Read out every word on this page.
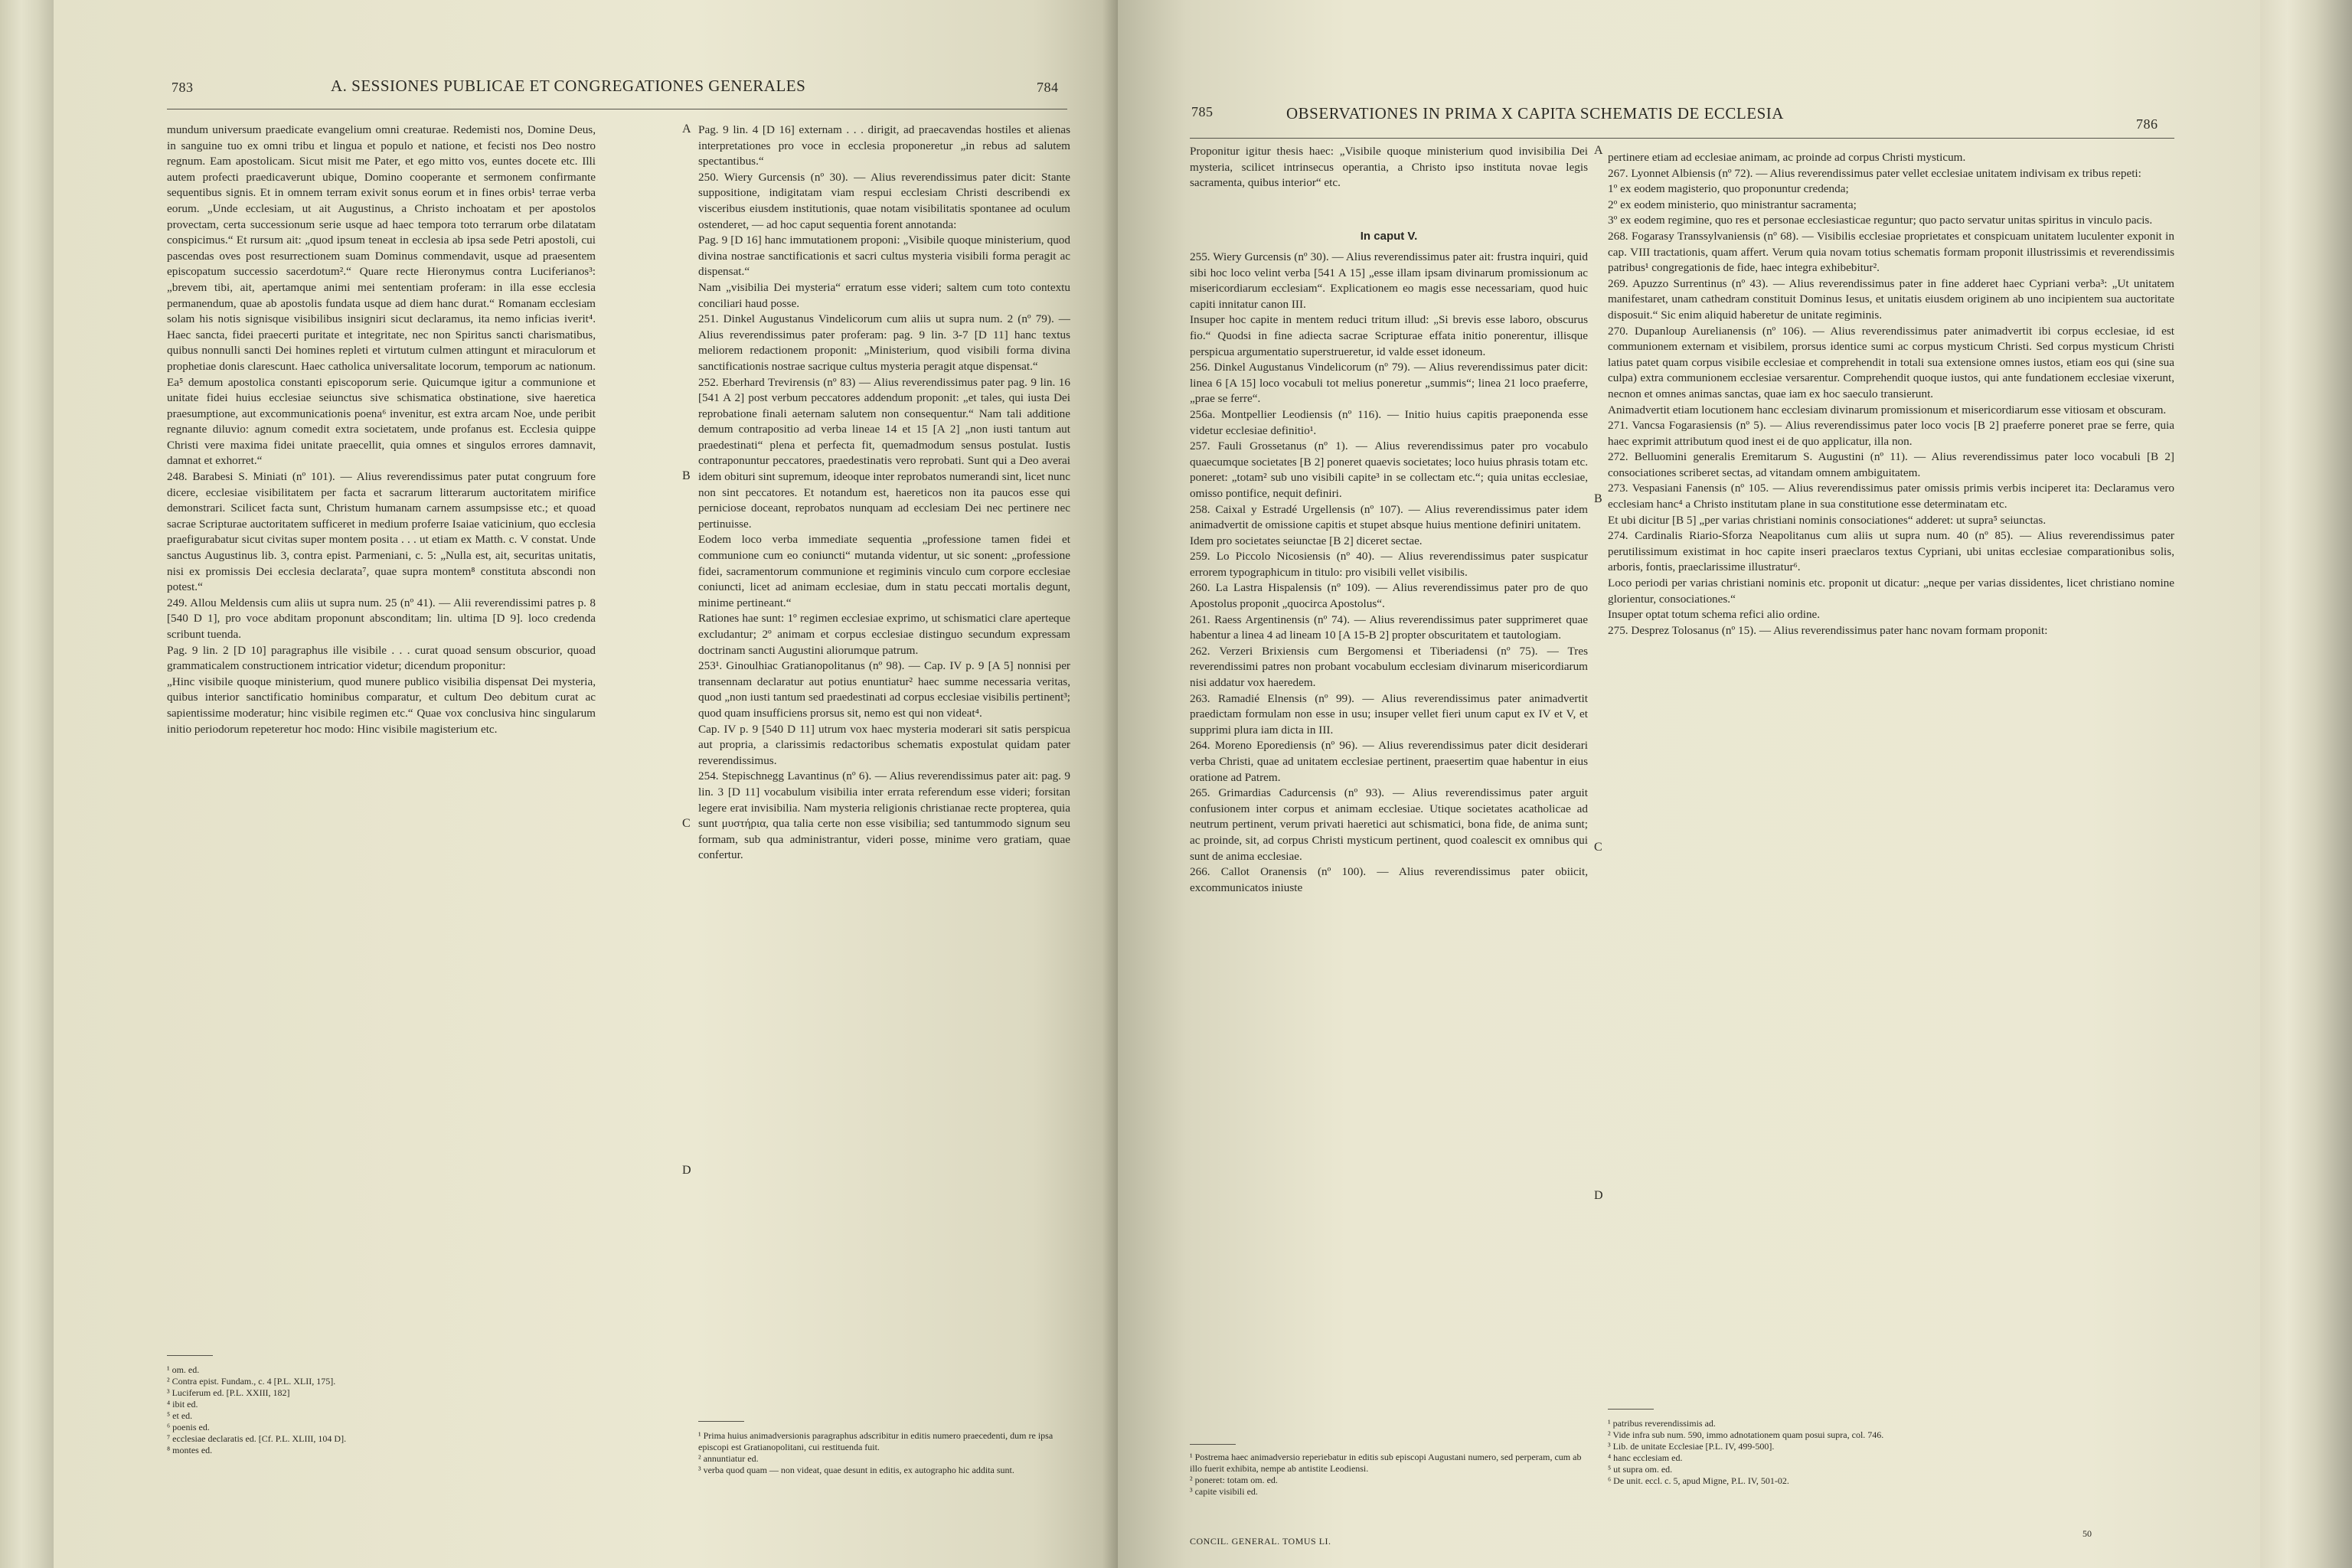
783	A. SESSIONES PUBLICAE ET CONGREGATIONES GENERALES	784
mundum universum praedicate evangelium omni creaturae. Redemisti nos, Domine Deus, in sanguine tuo ex omni tribu et lingua et populo et natione, et fecisti nos Deo nostro regnum. Eam apostolicam. Sicut misit me Pater, et ego mitto vos, euntes docete etc. Illi autem profecti praedicaverunt ubique, Domino cooperante et sermonem confirmante sequentibus signis. Et in omnem terram exivit sonus eorum et in fines orbis¹ terrae verba eorum. „Unde ecclesiam, ut ait Augustinus, a Christo inchoatam et per apostolos provectam, certa successionum serie usque ad haec tempora toto terrarum orbe dilatatam conspicimus.“ Et rursum ait: „quod ipsum teneat in ecclesia ab ipsa sede Petri apostoli, cui pascendas oves post resurrectionem suam Dominus commendavit, usque ad praesentem episcopatum successio sacerdotum².“ Quare recte Hieronymus contra Luciferianos³: „brevem tibi, ait, apertamque animi mei sententiam proferam: in illa esse ecclesia permanendum, quae ab apostolis fundata usque ad diem hanc durat.“ Romanam ecclesiam solam his notis signisque visibilibus insigniri sicut declaramus, ita nemo inficias iverit⁴. Haec sancta, fidei praecerti puritate et integritate, nec non Spiritus sancti charismatibus, quibus nonnulli sancti Dei homines repleti et virtutum culmen attingunt et miraculorum et prophetiae donis clarescunt. Haec catholica universalitate locorum, temporum ac nationum. Ea⁵ demum apostolica constanti episcoporum serie. Quicumque igitur a communione et unitate fidei huius ecclesiae seiunctus sive schismatica obstinatione, sive haeretica praesumptione, aut excommunicationis poena⁶ invenitur, est extra arcam Noe, unde peribit regnante diluvio: agnum comedit extra societatem, unde profanus est. Ecclesia quippe Christi vere maxima fidei unitate praecellit, quia omnes et singulos errores damnavit, damnat et exhorret.“
248. Barabesi S. Miniati (nº 101). — Alius reverendissimus pater putat congruum fore dicere, ecclesiae visibilitatem per facta et sacrarum litterarum auctoritatem mirifice demonstrari. Scilicet facta sunt, Christum humanam carnem assumpsisse etc.; et quoad sacrae Scripturae auctoritatem sufficeret in medium proferre Isaiae vaticinium, quo ecclesia praefigurabatur sicut civitas super montem posita . . . ut etiam ex Matth. c. V constat. Unde sanctus Augustinus lib. 3, contra epist. Parmeniani, c. 5: „Nulla est, ait, securitas unitatis, nisi ex promissis Dei ecclesia declarata⁷, quae supra montem⁸ constituta abscondi non potest.“
249. Allou Meldensis cum aliis ut supra num. 25 (nº 41). — Alii reverendissimi patres p. 8 [540 D 1], pro voce abditam proponunt absconditam; lin. ultima [D 9]. loco credenda scribunt tuenda.
Pag. 9 lin. 2 [D 10] paragraphus ille visibile . . . curat quoad sensum obscurior, quoad grammaticalem constructionem intricatior videtur; dicendum proponitur:
„Hinc visibile quoque ministerium, quod munere publico visibilia dispensat Dei mysteria, quibus interior sanctificatio hominibus comparatur, et cultum Deo debitum curat ac sapientissime moderatur; hinc visibile regimen etc.“ Quae vox conclusiva hinc singularum initio periodorum repeteretur hoc modo: Hinc visibile magisterium etc.
¹ om. ed.
² Contra epist. Fundam., c. 4 [P.L. XLII, 175].
³ Luciferum ed. [P.L. XXIII, 182]
⁴ ibit ed.
⁵ et ed.
⁶ poenis ed.
⁷ ecclesiae declaratis ed. [Cf. P.L. XLIII, 104 D].
⁸ montes ed.
A
B
C
D
Pag. 9 lin. 4 [D 16] externam . . . dirigit, ad praecavendas hostiles et alienas interpretationes pro voce in ecclesia proponeretur „in rebus ad salutem spectantibus.“
250. Wiery Gurcensis (nº 30). — Alius reverendissimus pater dicit: Stante suppositione, indigitatam viam respui ecclesiam Christi describendi ex visceribus eiusdem institutionis, quae notam visibilitatis spontanee ad oculum ostenderet, — ad hoc caput sequentia forent annotanda:
Pag. 9 [D 16] hanc immutationem proponi: „Visibile quoque ministerium, quod divina nostrae sanctificationis et sacri cultus mysteria visibili forma peragit ac dispensat.“
Nam „visibilia Dei mysteria“ erratum esse videri; saltem cum toto contextu conciliari haud posse.
251. Dinkel Augustanus Vindelicorum cum aliis ut supra num. 2 (nº 79). — Alius reverendissimus pater proferam: pag. 9 lin. 3-7 [D 11] hanc textus meliorem redactionem proponit: „Ministerium, quod visibili forma divina sanctificationis nostrae sacrique cultus mysteria peragit atque dispensat.“
252. Eberhard Trevirensis (nº 83) — Alius reverendissimus pater pag. 9 lin. 16 [541 A 2] post verbum peccatores addendum proponit: „et tales, qui iusta Dei reprobatione finali aeternam salutem non consequentur.“ Nam tali additione demum contrapositio ad verba lineae 14 et 15 [A 2] „non iusti tantum aut praedestinati“ plena et perfecta fit, quemadmodum sensus postulat. Iustis contraponuntur peccatores, praedestinatis vero reprobati. Sunt qui a Deo averai idem obituri sint supremum, ideoque inter reprobatos numerandi sint, licet nunc non sint peccatores. Et notandum est, haereticos non ita paucos esse qui perniciose doceant, reprobatos nunquam ad ecclesiam Dei nec pertinere nec pertinuisse.
Eodem loco verba immediate sequentia „professione tamen fidei et communione cum eo coniuncti“ mutanda videntur, ut sic sonent: „professione fidei, sacramentorum communione et regiminis vinculo cum corpore ecclesiae coniuncti, licet ad animam ecclesiae, dum in statu peccati mortalis degunt, minime pertineant.“
Rationes hae sunt: 1º regimen ecclesiae exprimo, ut schismatici clare aperteque excludantur; 2º animam et corpus ecclesiae distinguo secundum expressam doctrinam sancti Augustini aliorumque patrum.
253¹. Ginoulhiac Gratianopolitanus (nº 98). — Cap. IV p. 9 [A 5] nonnisi per transennam declaratur aut potius enuntiatur² haec summe necessaria veritas, quod „non iusti tantum sed praedestinati ad corpus ecclesiae visibilis pertinent³; quod quam insufficiens prorsus sit, nemo est qui non videat⁴.
Cap. IV p. 9 [540 D 11] utrum vox haec mysteria moderari sit satis perspicua aut propria, a clarissimis redactoribus schematis expostulat quidam pater reverendissimus.
254. Stepischnegg Lavantinus (nº 6). — Alius reverendissimus pater ait: pag. 9 lin. 3 [D 11] vocabulum visibilia inter errata referendum esse videri; forsitan legere erat invisibilia. Nam mysteria religionis christianae recte propterea, quia sunt μυστήρια, qua talia certe non esse visibilia; sed tantummodo signum seu formam, sub qua administrantur, videri posse, minime vero gratiam, quae confertur.
¹ Prima huius animadversionis paragraphus adscribitur in editis numero praecedenti, dum re ipsa episcopi est Gratianopolitani, cui restituenda fuit.
² annuntiatur ed.
³ verba quod quam — non videat, quae desunt in editis, ex autographo hic addita sunt.
785	OBSERVATIONES IN PRIMA X CAPITA SCHEMATIS DE ECCLESIA
786
Proponitur igitur thesis haec: „Visibile quoque ministerium quod invisibilia Dei mysteria, scilicet intrinsecus operantia, a Christo ipso instituta novae legis sacramenta, quibus interior“ etc.
In caput V.
255. Wiery Gurcensis (nº 30). — Alius reverendissimus pater ait: frustra inquiri, quid sibi hoc loco velint verba [541 A 15] „esse illam ipsam divinarum promissionum ac misericordiarum ecclesiam“. Explicationem eo magis esse necessariam, quod huic capiti innitatur canon III.
Insuper hoc capite in mentem reduci tritum illud: „Si brevis esse laboro, obscurus fio.“ Quodsi in fine adiecta sacrae Scripturae effata initio ponerentur, illisque perspicua argumentatio superstrueretur, id valde esset idoneum.
256. Dinkel Augustanus Vindelicorum (nº 79). — Alius reverendissimus pater dicit: lineа 6 [A 15] loco vocabuli tot melius poneretur „summis“; linea 21 loco praeferre, „prae se ferre“.
256a. Montpellier Leodiensis (nº 116). — Initio huius capitis praeponenda esse videtur ecclesiae definitio¹.
257. Fauli Grossetanus (nº 1). — Alius reverendissimus pater pro vocabulo quaecumque societates [B 2] poneret quaevis societates; loco huius phrasis totam etc. poneret: „totam² sub uno visibili capite³ in se collectam etc.“; quia unitas ecclesiae, omisso pontifice, nequit definiri.
258. Caixal y Estradé Urgellensis (nº 107). — Alius reverendissimus pater idem animadvertit de omissione capitis et stupet absque huius mentione definiri unitatem.
Idem pro societates seiunctae [B 2] diceret sectae.
259. Lo Piccolo Nicosiensis (nº 40). — Alius reverendissimus pater suspicatur errorem typographicum in titulo: pro visibili vellet visibilis.
260. La Lastra Hispalensis (nº 109). — Alius reverendissimus pater pro de quo Apostolus proponit „quocirca Apostolus“.
261. Raess Argentinensis (nº 74). — Alius reverendissimus pater supprimeret quae habentur a linea 4 ad lineam 10 [A 15-B 2] propter obscuritatem et tautologiam.
262. Verzeri Brixiensis cum Bergomensi et Tiberiadensi (nº 75). — Tres reverendissimi patres non probant vocabulum ecclesiam divinarum misericordiarum nisi addatur vox haeredem.
263. Ramadié Elnensis (nº 99). — Alius reverendissimus pater animadvertit praedictam formulam non esse in usu; insuper vellet fieri unum caput ex IV et V, et supprimi plura iam dicta in III.
264. Moreno Eporediensis (nº 96). — Alius reverendissimus pater dicit desiderari verba Christi, quae ad unitatem ecclesiae pertinent, praesertim quae habentur in eius oratione ad Patrem.
265. Grimardias Cadurcensis (nº 93). — Alius reverendissimus pater arguit confusionem inter corpus et animam ecclesiae. Utique societates acatholicae ad neutrum pertinent, verum privati haeretici aut schismatici, bona fide, de anima sunt; ac proinde, sit, ad corpus Christi mysticum pertinent, quod coalescit ex omnibus qui sunt de anima ecclesiae.
266. Callot Oranensis (nº 100). — Alius reverendissimus pater obiicit, excommunicatos iniuste
¹ Postrema haec animadversio reperiebatur in editis sub episcopi Augustani numero, sed perperam, cum ab illo fuerit exhibita, nempe ab antistite Leodiensi.
² poneret: totam om. ed.
³ capite visibili ed.
CONCIL. GENERAL. TOMUS LI.
A
B
C
D
pertinere etiam ad ecclesiae animam, ac proinde ad corpus Christi mysticum.
267. Lyonnet Albiensis (nº 72). — Alius reverendissimus pater vellet ecclesiae unitatem indivisam ex tribus repeti:
1º ex eodem magisterio, quo proponuntur credenda;
2º ex eodem ministerio, quo ministrantur sacramenta;
3º ex eodem regimine, quo res et personae ecclesiasticae reguntur; quo pacto servatur unitas spiritus in vinculo pacis.
268. Fogarasy Transsylvaniensis (nº 68). — Visibilis ecclesiae proprietates et conspicuam unitatem luculenter exponit in cap. VIII tractationis, quam affert. Verum quia novam totius schematis formam proponit illustrissimis et reverendissimis patribus¹ congregationis de fide, haec integra exhibebitur².
269. Apuzzo Surrentinus (nº 43). — Alius reverendissimus pater in fine adderet haec Cypriani verba³: „Ut unitatem manifestaret, unam cathedram constituit Dominus Iesus, et unitatis eiusdem originem ab uno incipientem sua auctoritate disposuit.“ Sic enim aliquid haberetur de unitate regiminis.
270. Dupanloup Aurelianensis (nº 106). — Alius reverendissimus pater animadvertit ibi corpus ecclesiae, id est communionem externam et visibilem, prorsus identice sumi ac corpus mysticum Christi. Sed corpus mysticum Christi latius patet quam corpus visibile ecclesiae et comprehendit in totali sua extensione omnes iustos, etiam eos qui (sine sua culpa) extra communionem ecclesiae versarentur. Comprehendit quoque iustos, qui ante fundationem ecclesiae vixerunt, necnon et omnes animas sanctas, quae iam ex hoc saeculo transierunt.
Animadvertit etiam locutionem hanc ecclesiam divinarum promissionum et misericordiarum esse vitiosam et obscuram.
271. Vancsa Fogarasiensis (nº 5). — Alius reverendissimus pater loco vocis [B 2] praeferre poneret prae se ferre, quia haec exprimit attributum quod inest ei de quo applicatur, illa non.
272. Belluomini generalis Eremitarum S. Augustini (nº 11). — Alius reverendissimus pater loco vocabuli [B 2] consociationes scriberet sectas, ad vitandam omnem ambiguitatem.
273. Vespasiani Fanensis (nº 105. — Alius reverendissimus pater omissis primis verbis inciperet ita: Declaramus vero ecclesiam hanc⁴ a Christo institutam plane in sua constitutione esse determinatam etc.
Et ubi dicitur [B 5] „per varias christiani nominis consociationes“ adderet: ut supra⁵ seiunctas.
274. Cardinalis Riario-Sforza Neapolitanus cum aliis ut supra num. 40 (nº 85). — Alius reverendissimus pater perutilissimum existimat in hoc capite inseri praeclaros textus Cypriani, ubi unitas ecclesiae comparationibus solis, arboris, fontis, praeclarissime illustratur⁶.
Loco periodi per varias christiani nominis etc. proponit ut dicatur: „neque per varias dissidentes, licet christiano nomine glorientur, consociationes.“
Insuper optat totum schema refici alio ordine.
275. Desprez Tolosanus (nº 15). — Alius reverendissimus pater hanc novam formam proponit:
¹ patribus reverendissimis ad.
² Vide infra sub num. 590, immo adnotationem quam posui supra, col. 746.
³ Lib. de unitate Ecclesiae [P.L. IV, 499-500].
⁴ hanc ecclesiam ed.
⁵ ut supra om. ed.
⁶ De unit. eccl. c. 5, apud Migne, P.L. IV, 501-02.
50
